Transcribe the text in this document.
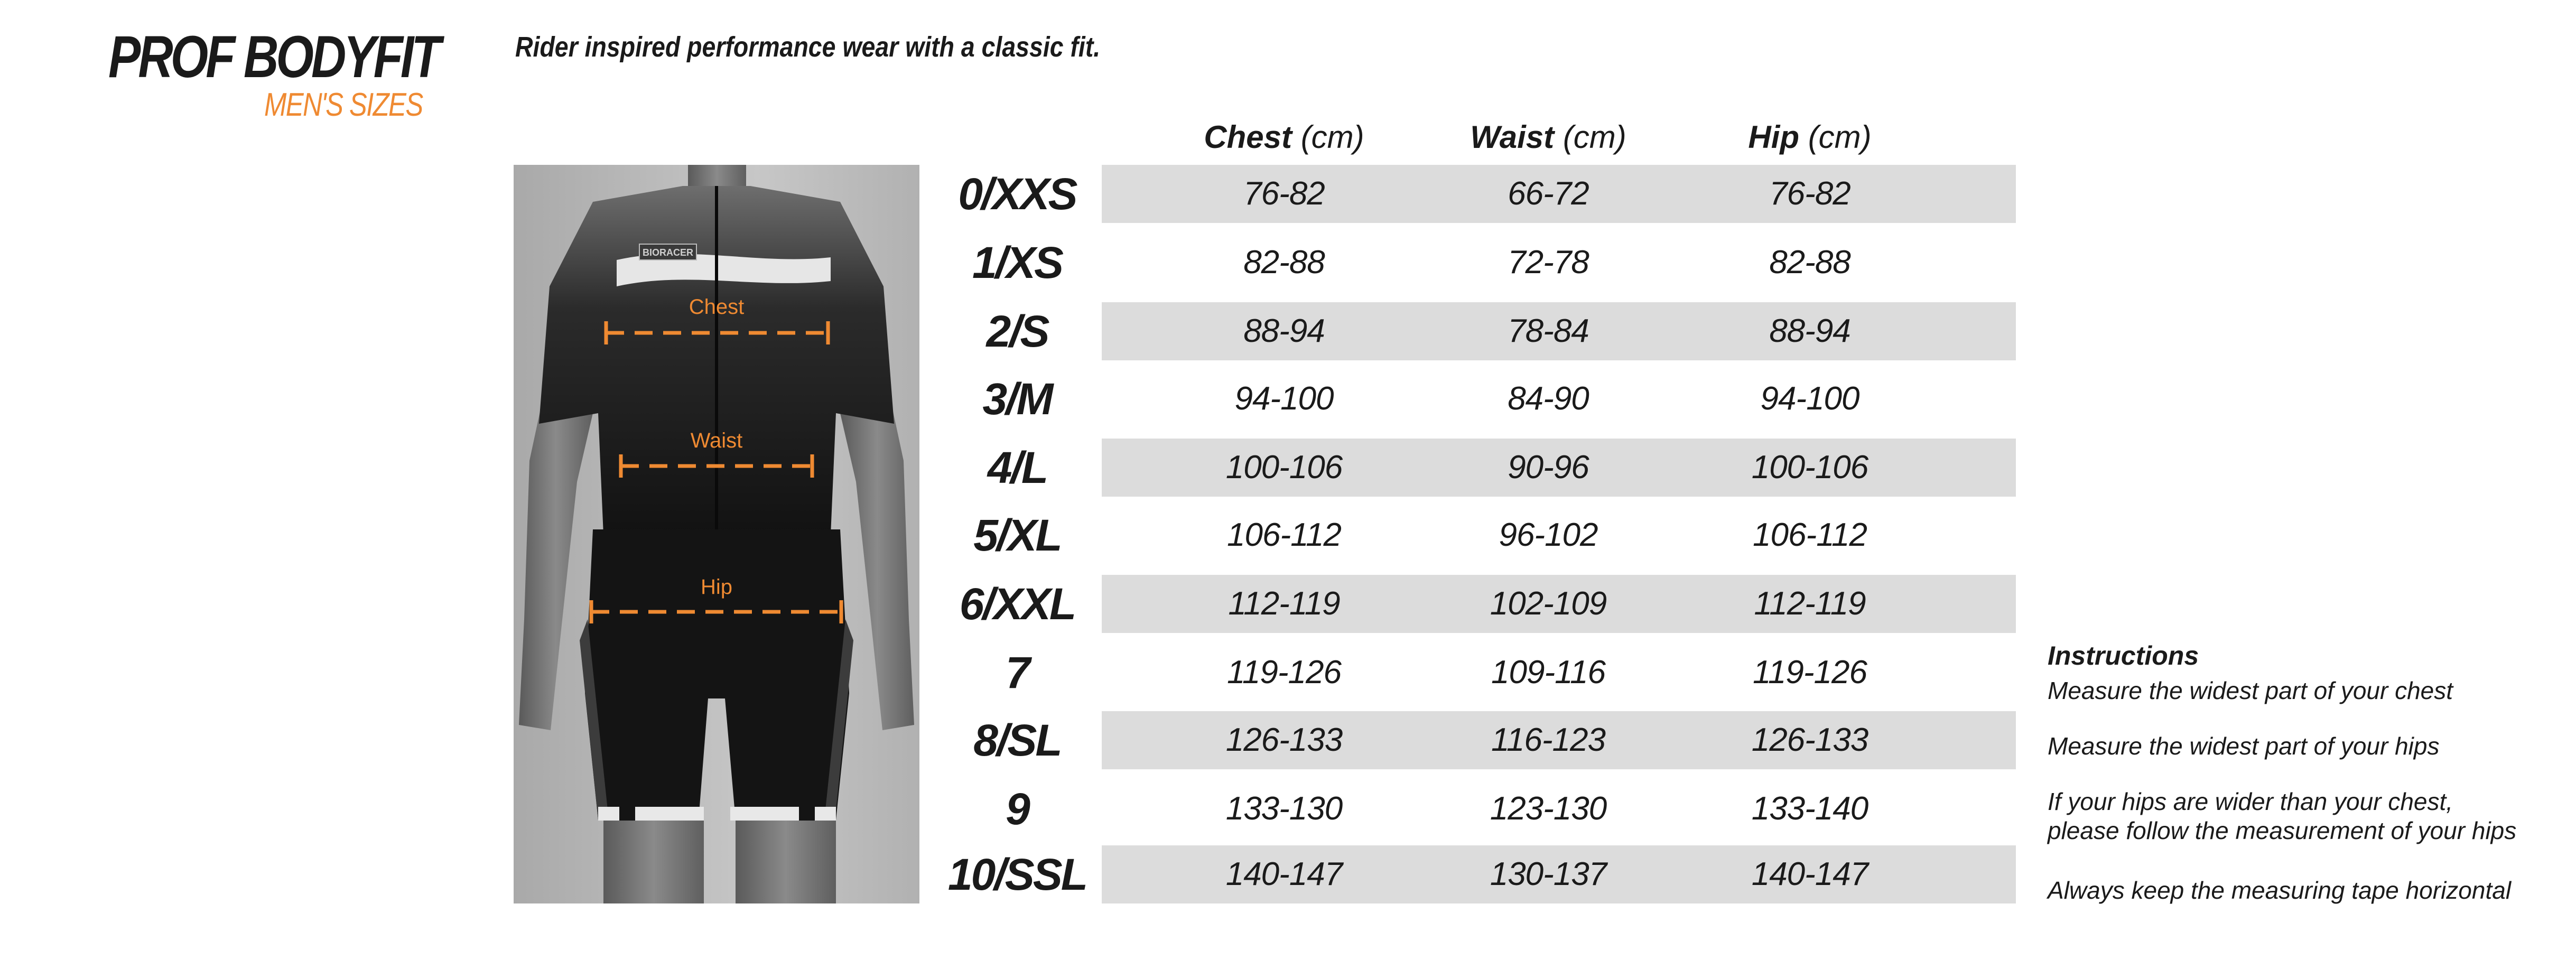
PROF BODYFIT
MEN'S SIZES
Rider inspired performance wear with a classic fit.
BIORACER
Chest
Waist
Hip
Chest (cm)	Waist (cm)	Hip (cm)
0/XXS	76-82	66-72	76-82
1/XS	82-88	72-78	82-88
2/S	88-94	78-84	88-94
3/M	94-100	84-90	94-100
4/L	100-106	90-96	100-106
5/XL	106-112	96-102	106-112
6/XXL	112-119	102-109	112-119
7	119-126	109-116	119-126
8/SL	126-133	116-123	126-133
9	133-130	123-130	133-140
10/SSL	140-147	130-137	140-147
Instructions
Measure the widest part of your chest
Measure the widest part of your hips
If your hips are wider than your chest,
please follow the measurement of your hips
Always keep the measuring tape horizontal
